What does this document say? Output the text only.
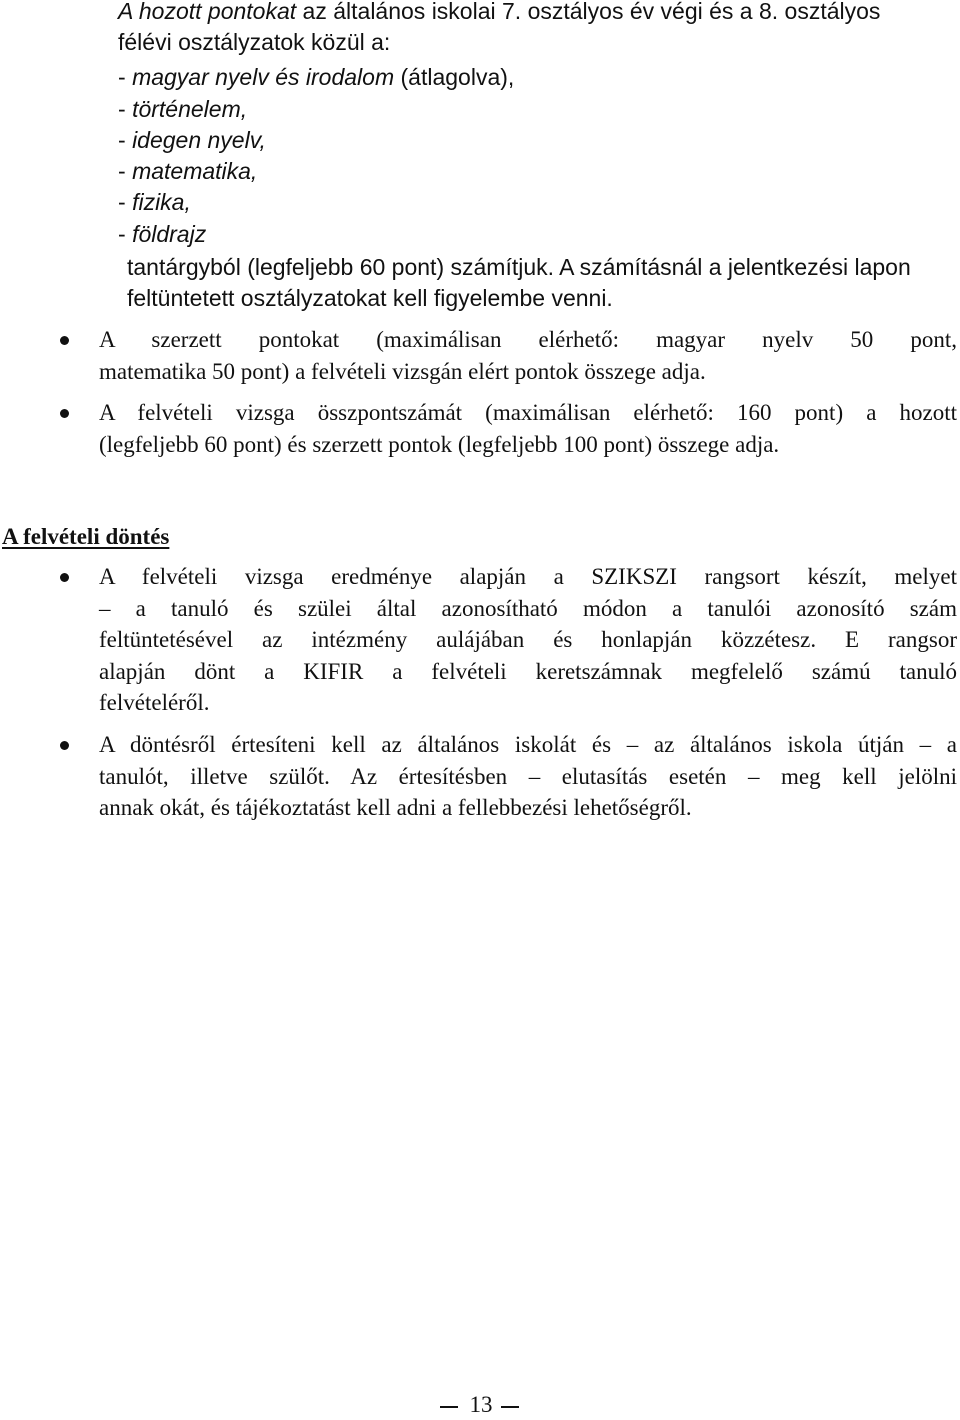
A hozott pontokat az általános iskolai 7. osztályos év végi és a 8. osztályos
félévi osztályzatok közül a:
- magyar nyelv és irodalom (átlagolva),
- történelem,
- idegen nyelv,
- matematika,
- fizika,
- földrajz
tantárgyból (legfeljebb 60 pont) számítjuk. A számításnál a jelentkezési lapon
feltüntetett osztályzatokat kell figyelembe venni.
A szerzett pontokat (maximálisan elérhető: magyar nyelv 50 pont,
matematika 50 pont) a felvételi vizsgán elért pontok összege adja.
A felvételi vizsga összpontszámát (maximálisan elérhető: 160 pont) a hozott
(legfeljebb 60 pont) és szerzett pontok (legfeljebb 100 pont) összege adja.
A felvételi döntés
A felvételi vizsga eredménye alapján a SZIKSZI rangsort készít, melyet
– a tanuló és szülei által azonosítható módon a tanulói azonosító szám
feltüntetésével az intézmény aulájában és honlapján közzétesz. E rangsor
alapján dönt a KIFIR a felvételi keretszámnak megfelelő számú tanuló
felvételéről.
A döntésről értesíteni kell az általános iskolát és – az általános iskola útján – a
tanulót, illetve szülőt. Az értesítésben – elutasítás esetén – meg kell jelölni
annak okát, és tájékoztatást kell adni a fellebbezési lehetőségről.
13
